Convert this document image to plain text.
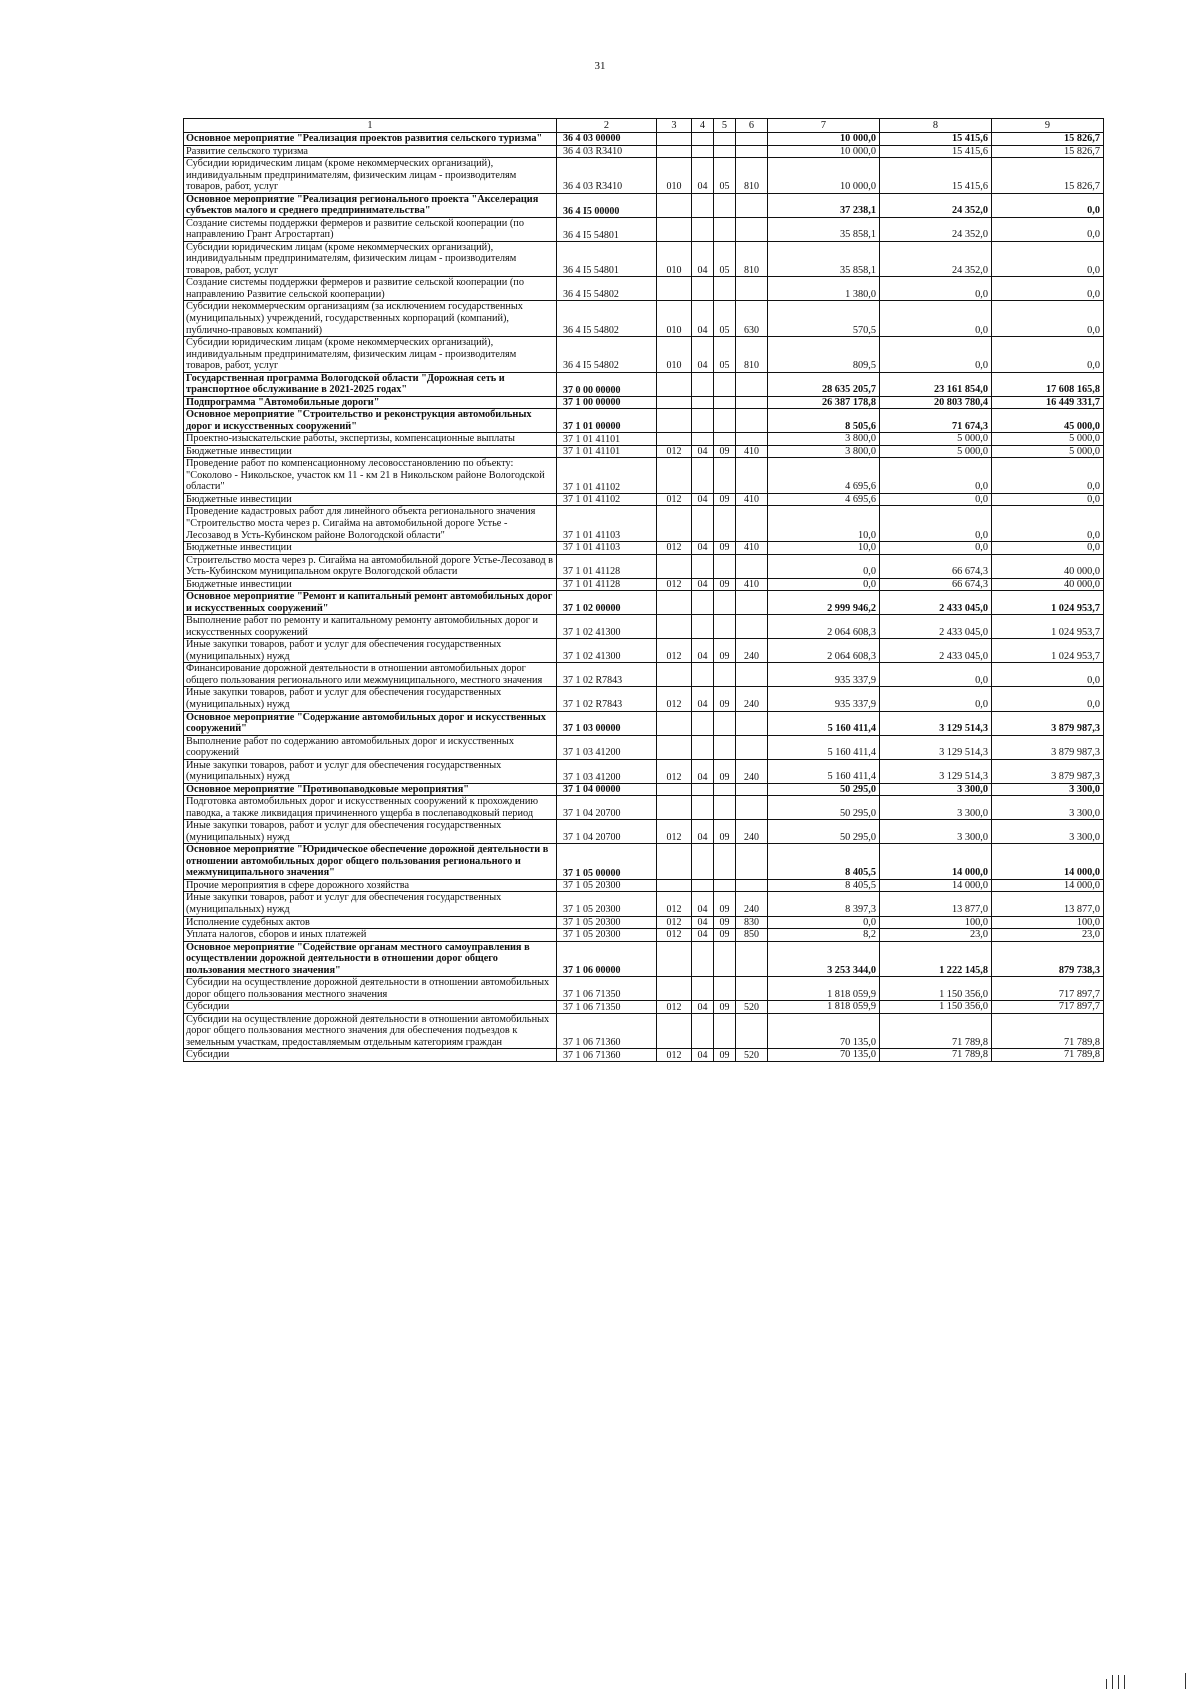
31
1	2	3	4	5	6	7	8	9
Основное мероприятие "Реализация проектов развития сельского туризма"	36 4 03 00000					10 000,0	15 415,6	15 826,7
Развитие сельского туризма	36 4 03 R3410					10 000,0	15 415,6	15 826,7
Субсидии юридическим лицам (кроме некоммерческих организаций), индивидуальным предпринимателям, физическим лицам - производителям товаров, работ, услуг	36 4 03 R3410	010	04	05	810	10 000,0	15 415,6	15 826,7
Основное мероприятие "Реализация регионального проекта "Акселерация субъектов малого и среднего предпринимательства"	36 4 I5 00000					37 238,1	24 352,0	0,0
Создание системы поддержки фермеров и развитие сельской кооперации (по направлению Грант Агростартап)	36 4 I5 54801					35 858,1	24 352,0	0,0
Субсидии юридическим лицам (кроме некоммерческих организаций), индивидуальным предпринимателям, физическим лицам - производителям товаров, работ, услуг	36 4 I5 54801	010	04	05	810	35 858,1	24 352,0	0,0
Создание системы поддержки фермеров и развитие сельской кооперации (по направлению Развитие сельской кооперации)	36 4 I5 54802					1 380,0	0,0	0,0
Субсидии некоммерческим организациям (за исключением государственных (муниципальных) учреждений, государственных корпораций (компаний), публично-правовых компаний)	36 4 I5 54802	010	04	05	630	570,5	0,0	0,0
Субсидии юридическим лицам (кроме некоммерческих организаций), индивидуальным предпринимателям, физическим лицам - производителям товаров, работ, услуг	36 4 I5 54802	010	04	05	810	809,5	0,0	0,0
Государственная программа Вологодской области "Дорожная сеть и транспортное обслуживание в 2021-2025 годах"	37 0 00 00000					28 635 205,7	23 161 854,0	17 608 165,8
Подпрограмма "Автомобильные дороги"	37 1 00 00000					26 387 178,8	20 803 780,4	16 449 331,7
Основное мероприятие "Строительство и реконструкция автомобильных дорог и искусственных сооружений"	37 1 01 00000					8 505,6	71 674,3	45 000,0
Проектно-изыскательские работы, экспертизы, компенсационные выплаты	37 1 01 41101					3 800,0	5 000,0	5 000,0
Бюджетные инвестиции	37 1 01 41101	012	04	09	410	3 800,0	5 000,0	5 000,0
Проведение работ по компенсационному лесовосстановлению по объекту: "Соколово - Никольское, участок км 11 - км 21 в Никольском районе Вологодской области"	37 1 01 41102					4 695,6	0,0	0,0
Бюджетные инвестиции	37 1 01 41102	012	04	09	410	4 695,6	0,0	0,0
Проведение кадастровых работ для линейного объекта регионального значения "Строительство моста через р. Сигайма на автомобильной дороге Устье - Лесозавод в Усть-Кубинском районе Вологодской области"	37 1 01 41103					10,0	0,0	0,0
Бюджетные инвестиции	37 1 01 41103	012	04	09	410	10,0	0,0	0,0
Строительство моста через р. Сигайма на автомобильной дороге Устье-Лесозавод в Усть-Кубинском муниципальном округе Вологодской области	37 1 01 41128					0,0	66 674,3	40 000,0
Бюджетные инвестиции	37 1 01 41128	012	04	09	410	0,0	66 674,3	40 000,0
Основное мероприятие "Ремонт и капитальный ремонт автомобильных дорог и искусственных сооружений"	37 1 02 00000					2 999 946,2	2 433 045,0	1 024 953,7
Выполнение работ по ремонту и капитальному ремонту автомобильных дорог и искусственных сооружений	37 1 02 41300					2 064 608,3	2 433 045,0	1 024 953,7
Иные закупки товаров, работ и услуг для обеспечения государственных (муниципальных) нужд	37 1 02 41300	012	04	09	240	2 064 608,3	2 433 045,0	1 024 953,7
Финансирование дорожной деятельности в отношении автомобильных дорог общего пользования регионального или межмуниципального, местного значения	37 1 02 R7843					935 337,9	0,0	0,0
Иные закупки товаров, работ и услуг для обеспечения государственных (муниципальных) нужд	37 1 02 R7843	012	04	09	240	935 337,9	0,0	0,0
Основное мероприятие "Содержание автомобильных дорог и искусственных сооружений"	37 1 03 00000					5 160 411,4	3 129 514,3	3 879 987,3
Выполнение работ по содержанию автомобильных дорог и искусственных сооружений	37 1 03 41200					5 160 411,4	3 129 514,3	3 879 987,3
Иные закупки товаров, работ и услуг для обеспечения государственных (муниципальных) нужд	37 1 03 41200	012	04	09	240	5 160 411,4	3 129 514,3	3 879 987,3
Основное мероприятие "Противопаводковые мероприятия"	37 1 04 00000					50 295,0	3 300,0	3 300,0
Подготовка автомобильных дорог и искусственных сооружений к прохождению паводка, а также ликвидация причиненного ущерба в послепаводковый период	37 1 04 20700					50 295,0	3 300,0	3 300,0
Иные закупки товаров, работ и услуг для обеспечения государственных (муниципальных) нужд	37 1 04 20700	012	04	09	240	50 295,0	3 300,0	3 300,0
Основное мероприятие "Юридическое обеспечение дорожной деятельности в отношении автомобильных дорог общего пользования регионального и межмуниципального значения"	37 1 05 00000					8 405,5	14 000,0	14 000,0
Прочие мероприятия в сфере дорожного хозяйства	37 1 05 20300					8 405,5	14 000,0	14 000,0
Иные закупки товаров, работ и услуг для обеспечения государственных (муниципальных) нужд	37 1 05 20300	012	04	09	240	8 397,3	13 877,0	13 877,0
Исполнение судебных актов	37 1 05 20300	012	04	09	830	0,0	100,0	100,0
Уплата налогов, сборов и иных платежей	37 1 05 20300	012	04	09	850	8,2	23,0	23,0
Основное мероприятие "Содействие органам местного самоуправления в осуществлении дорожной деятельности в отношении дорог общего пользования местного значения"	37 1 06 00000					3 253 344,0	1 222 145,8	879 738,3
Субсидии на осуществление дорожной деятельности в отношении автомобильных дорог общего пользования местного значения	37 1 06 71350					1 818 059,9	1 150 356,0	717 897,7
Субсидии	37 1 06 71350	012	04	09	520	1 818 059,9	1 150 356,0	717 897,7
Субсидии на осуществление дорожной деятельности в отношении автомобильных дорог общего пользования местного значения для обеспечения подъездов к земельным участкам, предоставляемым отдельным категориям граждан	37 1 06 71360					70 135,0	71 789,8	71 789,8
Субсидии	37 1 06 71360	012	04	09	520	70 135,0	71 789,8	71 789,8
